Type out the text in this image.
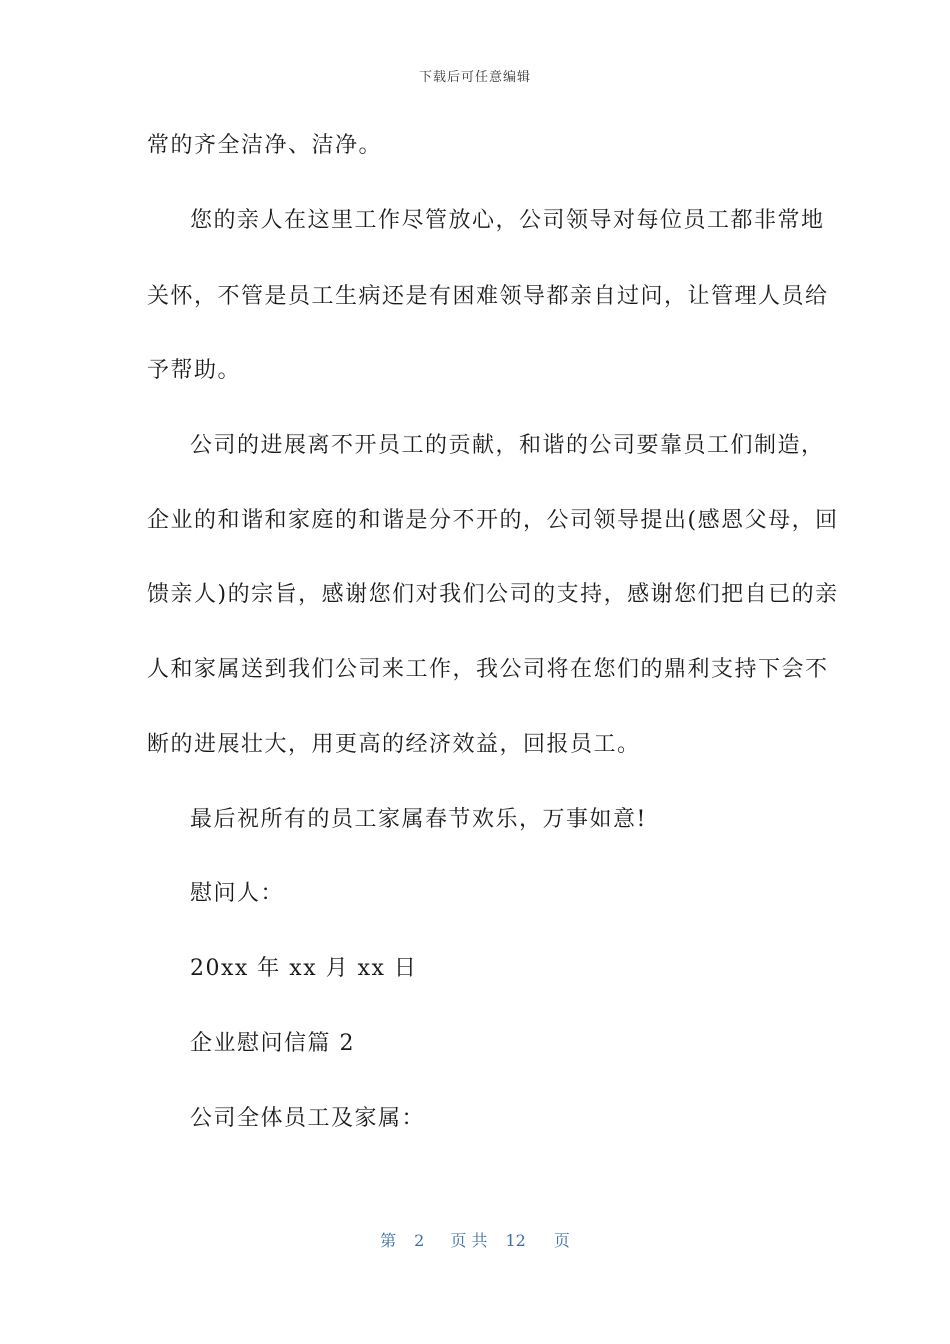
下载后可任意编辑
常的齐全洁净、洁净。
您的亲人在这里工作尽管放心，公司领导对每位员工都非常地
关怀，不管是员工生病还是有困难领导都亲自过问，让管理人员给
予帮助。
公司的进展离不开员工的贡献，和谐的公司要靠员工们制造，
企业的和谐和家庭的和谐是分不开的，公司领导提出(感恩父母，回
馈亲人)的宗旨，感谢您们对我们公司的支持，感谢您们把自已的亲
人和家属送到我们公司来工作，我公司将在您们的鼎利支持下会不
断的进展壮大，用更高的经济效益，回报员工。
最后祝所有的员工家属春节欢乐，万事如意!
慰问人：
20xx 年 xx 月 xx 日
企业慰问信篇 2
公司全体员工及家属：
第 2 页 共 12 页
